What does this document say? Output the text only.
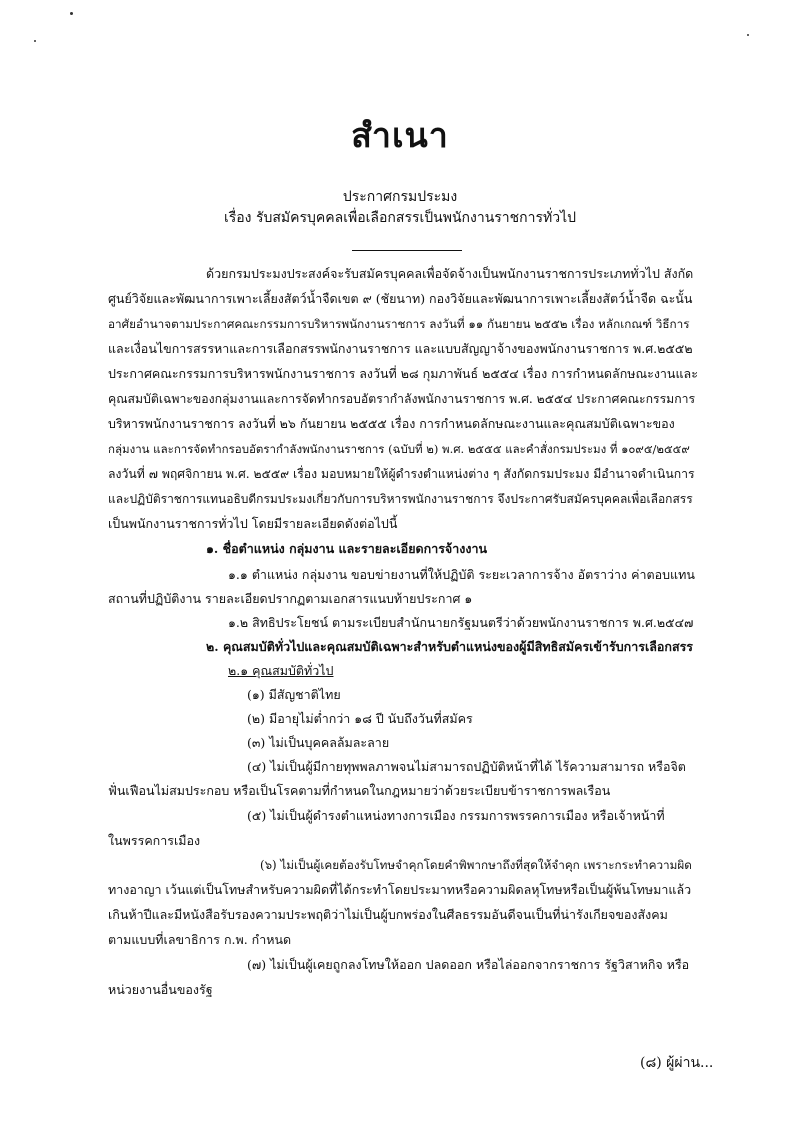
สำเนา
ประกาศกรมประมง
เรื่อง รับสมัครบุคคลเพื่อเลือกสรรเป็นพนักงานราชการทั่วไป
ด้วยกรมประมงประสงค์จะรับสมัครบุคคลเพื่อจัดจ้างเป็นพนักงานราชการประเภททั่วไป สังกัด
ศูนย์วิจัยและพัฒนาการเพาะเลี้ยงสัตว์น้ำจืดเขต ๙ (ชัยนาท) กองวิจัยและพัฒนาการเพาะเลี้ยงสัตว์น้ำจืด ฉะนั้น
อาศัยอำนาจตามประกาศคณะกรรมการบริหารพนักงานราชการ ลงวันที่ ๑๑ กันยายน ๒๕๕๒ เรื่อง หลักเกณฑ์ วิธีการ
และเงื่อนไขการสรรหาและการเลือกสรรพนักงานราชการ และแบบสัญญาจ้างของพนักงานราชการ พ.ศ.๒๕๕๒
ประกาศคณะกรรมการบริหารพนักงานราชการ ลงวันที่ ๒๘ กุมภาพันธ์ ๒๕๕๔ เรื่อง การกำหนดลักษณะงานและ
คุณสมบัติเฉพาะของกลุ่มงานและการจัดทำกรอบอัตรากำลังพนักงานราชการ พ.ศ. ๒๕๕๔ ประกาศคณะกรรมการ
บริหารพนักงานราชการ ลงวันที่ ๒๖ กันยายน ๒๕๕๕ เรื่อง การกำหนดลักษณะงานและคุณสมบัติเฉพาะของ
กลุ่มงาน และการจัดทำกรอบอัตรากำลังพนักงานราชการ (ฉบับที่ ๒) พ.ศ. ๒๕๕๕ และคำสั่งกรมประมง ที่ ๑๐๙๕/๒๕๕๙
ลงวันที่ ๗ พฤศจิกายน พ.ศ. ๒๕๕๙ เรื่อง มอบหมายให้ผู้ดำรงตำแหน่งต่าง ๆ สังกัดกรมประมง มีอำนาจดำเนินการ
และปฏิบัติราชการแทนอธิบดีกรมประมงเกี่ยวกับการบริหารพนักงานราชการ จึงประกาศรับสมัครบุคคลเพื่อเลือกสรร
เป็นพนักงานราชการทั่วไป โดยมีรายละเอียดดังต่อไปนี้
๑. ชื่อตำแหน่ง กลุ่มงาน และรายละเอียดการจ้างงาน
๑.๑ ตำแหน่ง กลุ่มงาน ขอบข่ายงานที่ให้ปฏิบัติ ระยะเวลาการจ้าง อัตราว่าง ค่าตอบแทน
สถานที่ปฏิบัติงาน รายละเอียดปรากฏตามเอกสารแนบท้ายประกาศ ๑
๑.๒ สิทธิประโยชน์ ตามระเบียบสำนักนายกรัฐมนตรีว่าด้วยพนักงานราชการ พ.ศ.๒๕๔๗
๒. คุณสมบัติทั่วไปและคุณสมบัติเฉพาะสำหรับตำแหน่งของผู้มีสิทธิสมัครเข้ารับการเลือกสรร
๒.๑ คุณสมบัติทั่วไป
(๑) มีสัญชาติไทย
(๒) มีอายุไม่ต่ำกว่า ๑๘ ปี นับถึงวันที่สมัคร
(๓) ไม่เป็นบุคคลล้มละลาย
(๔) ไม่เป็นผู้มีกายทุพพลภาพจนไม่สามารถปฏิบัติหน้าที่ได้ ไร้ความสามารถ หรือจิต
ฟั่นเฟือนไม่สมประกอบ หรือเป็นโรคตามที่กำหนดในกฎหมายว่าด้วยระเบียบข้าราชการพลเรือน
(๕) ไม่เป็นผู้ดำรงตำแหน่งทางการเมือง กรรมการพรรคการเมือง หรือเจ้าหน้าที่
ในพรรคการเมือง
(๖) ไม่เป็นผู้เคยต้องรับโทษจำคุกโดยคำพิพากษาถึงที่สุดให้จำคุก เพราะกระทำความผิด
ทางอาญา เว้นแต่เป็นโทษสำหรับความผิดที่ได้กระทำโดยประมาทหรือความผิดลหุโทษหรือเป็นผู้พ้นโทษมาแล้ว
เกินห้าปีและมีหนังสือรับรองความประพฤติว่าไม่เป็นผู้บกพร่องในศีลธรรมอันดีจนเป็นที่น่ารังเกียจของสังคม
ตามแบบที่เลขาธิการ ก.พ. กำหนด
(๗) ไม่เป็นผู้เคยถูกลงโทษให้ออก ปลดออก หรือไล่ออกจากราชการ รัฐวิสาหกิจ หรือ
หน่วยงานอื่นของรัฐ
(๘) ผู้ผ่าน...
